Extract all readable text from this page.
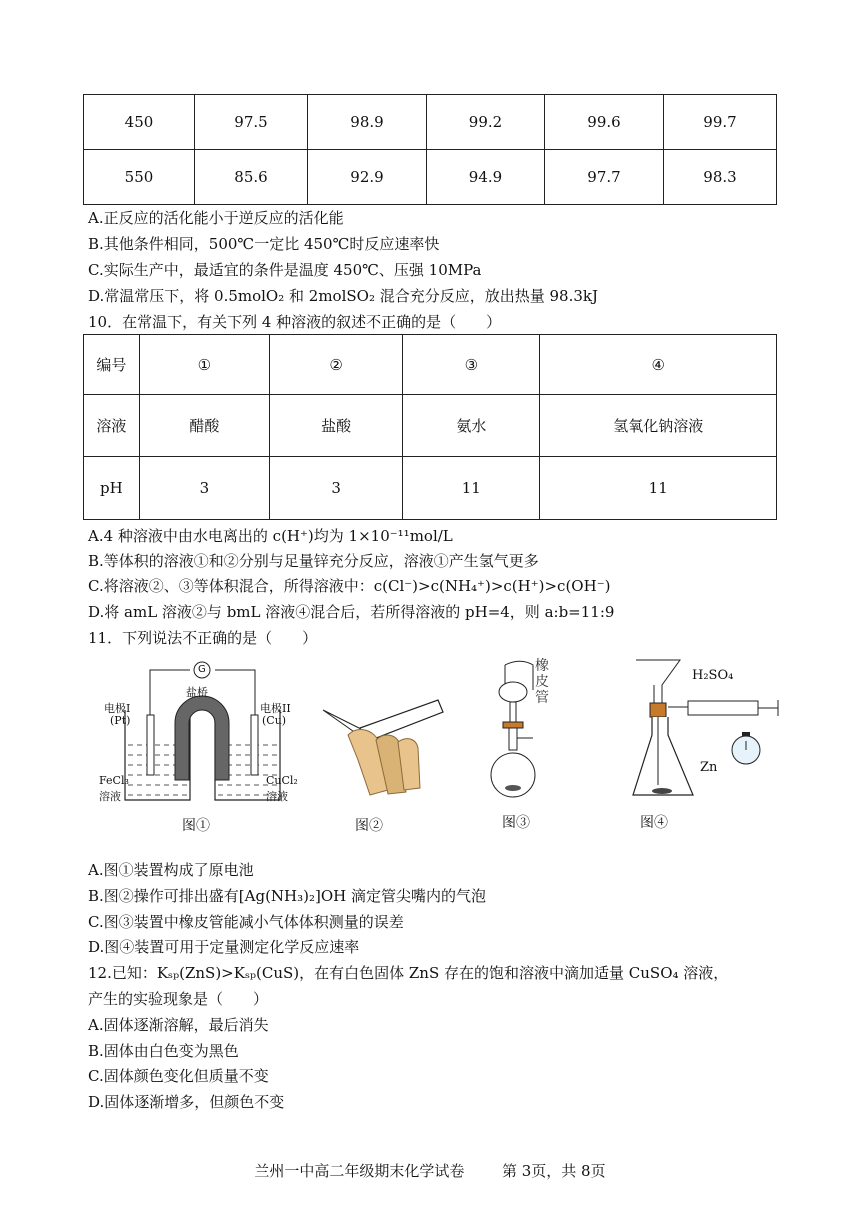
450	97.5	98.9	99.2	99.6	99.7
550	85.6	92.9	94.9	97.7	98.3
A.正反应的活化能小于逆反应的活化能
B.其他条件相同，500℃一定比 450℃时反应速率快
C.实际生产中，最适宜的条件是温度 450℃、压强 10MPa
D.常温常压下，将 0.5molO₂ 和 2molSO₂ 混合充分反应，放出热量 98.3kJ
10．在常温下，有关下列 4 种溶液的叙述不正确的是（　　）
编号	①	②	③	④
溶液	醋酸	盐酸	氨水	氢氧化钠溶液
pH	3	3	11	11
A.4 种溶液中由水电离出的 c(H⁺)均为 1×10⁻¹¹mol/L
B.等体积的溶液①和②分别与足量锌充分反应，溶液①产生氢气更多
C.将溶液②、③等体积混合，所得溶液中：c(Cl⁻)>c(NH₄⁺)>c(H⁺)>c(OH⁻)
D.将 amL 溶液②与 bmL 溶液④混合后，若所得溶液的 pH=4，则 a:b=11:9
11．下列说法不正确的是（　　）
G
盐桥
电极I
(Pt)
电极II
(Cu)
FeCl₃
溶液
CuCl₂
溶液
图①	图②
橡皮管
图③
H₂SO₄
Zn
图④
A.图①装置构成了原电池
B.图②操作可排出盛有[Ag(NH₃)₂]OH 滴定管尖嘴内的气泡
C.图③装置中橡皮管能减小气体体积测量的误差
D.图④装置可用于定量测定化学反应速率
12.已知：Kₛₚ(ZnS)>Kₛₚ(CuS)，在有白色固体 ZnS 存在的饱和溶液中滴加适量 CuSO₄ 溶液，
产生的实验现象是（　　）
A.固体逐渐溶解，最后消失
B.固体由白色变为黑色
C.固体颜色变化但质量不变
D.固体逐渐增多，但颜色不变
兰州一中高二年级期末化学试卷	第 3页，共 8页
